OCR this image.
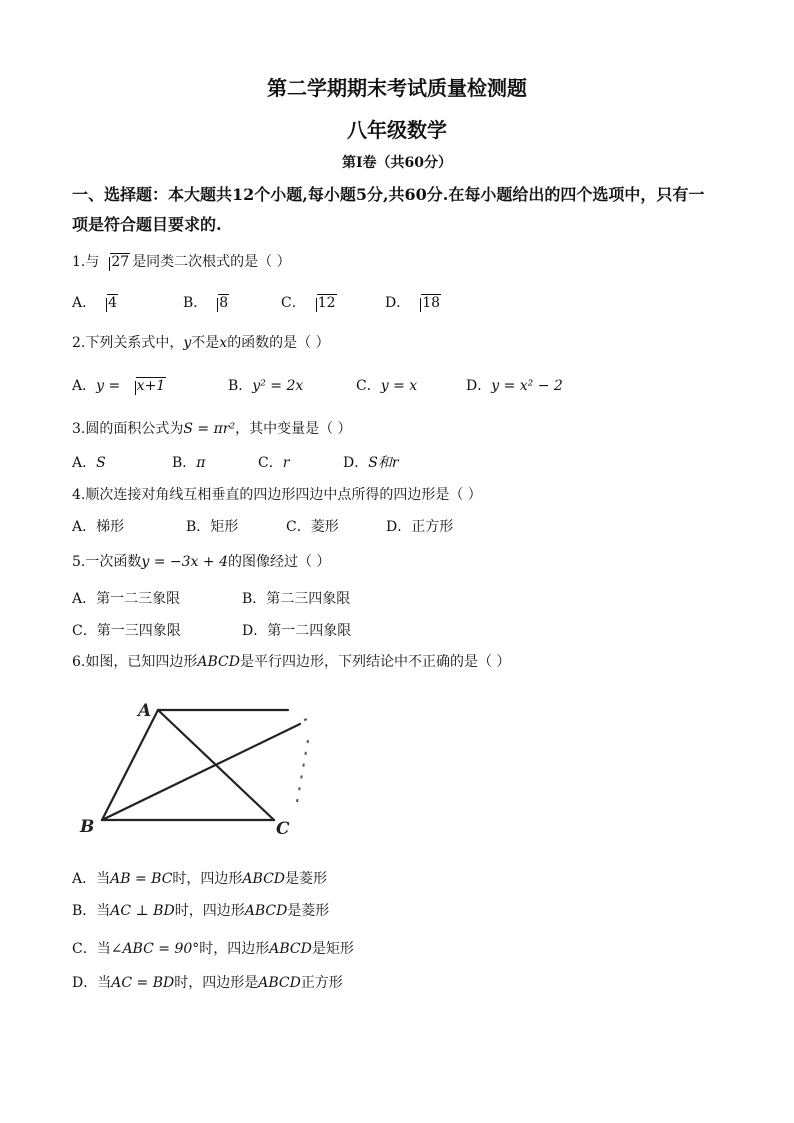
第二学期期末考试质量检测题
八年级数学
第Ⅰ卷（共60分）
一、选择题：本大题共12个小题,每小题5分,共60分.在每小题给出的四个选项中，只有一
项是符合题目要求的.
1.与 27 是同类二次根式的是（ ）
A． 4	B． 8	C． 12	D． 18
2.下列关系式中，y不是x的函数的是（ ）
A．y = x+1	B．y² = 2x	C．y = x	D．y = x² − 2
3.圆的面积公式为S = πr²，其中变量是（ ）
A．S	B．π	C．r	D．S和r
4.顺次连接对角线互相垂直的四边形四边中点所得的四边形是（ ）
A．梯形	B．矩形	C．菱形	D．正方形
5.一次函数y = −3x + 4的图像经过（ ）
A．第一二三象限	B．第二三四象限
C．第一三四象限	D．第一二四象限
6.如图，已知四边形ABCD是平行四边形，下列结论中不正确的是（ ）
A
B	C
A．当AB = BC时，四边形ABCD是菱形
B．当AC ⊥ BD时，四边形ABCD是菱形
C．当∠ABC = 90°时，四边形ABCD是矩形
D．当AC = BD时，四边形是ABCD正方形
